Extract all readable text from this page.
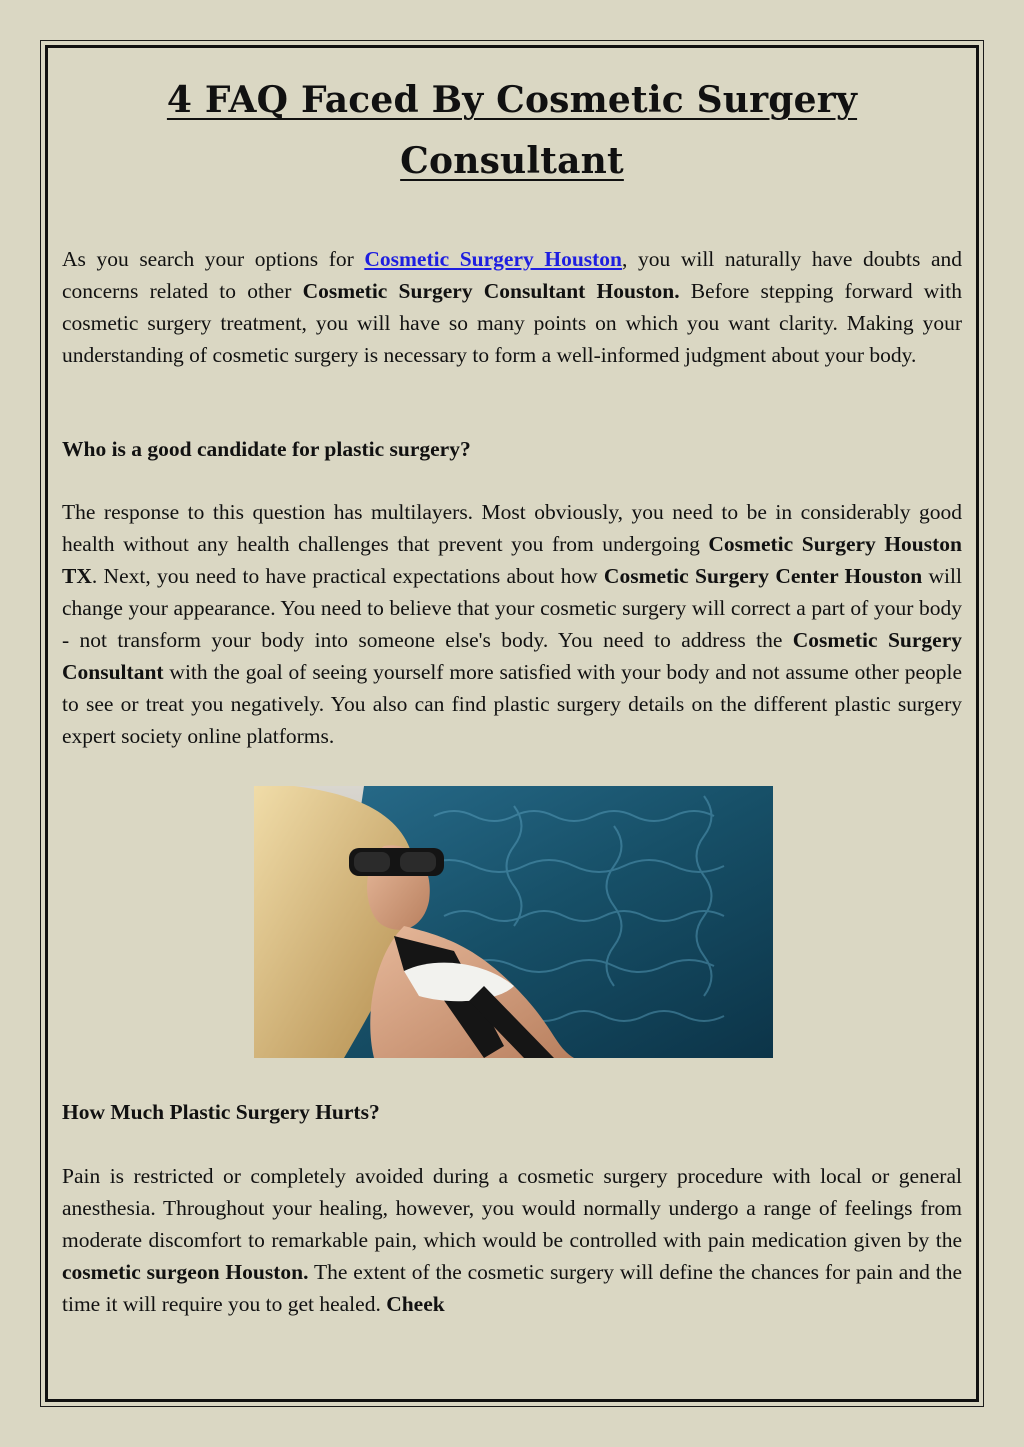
4 FAQ Faced By Cosmetic Surgery Consultant

As you search your options for Cosmetic Surgery Houston, you will naturally have doubts and concerns related to other Cosmetic Surgery Consultant Houston. Before stepping forward with cosmetic surgery treatment, you will have so many points on which you want clarity. Making your understanding of cosmetic surgery is necessary to form a well-informed judgment about your body.

Who is a good candidate for plastic surgery?

The response to this question has multilayers. Most obviously, you need to be in considerably good health without any health challenges that prevent you from undergoing Cosmetic Surgery Houston TX. Next, you need to have practical expectations about how Cosmetic Surgery Center Houston will change your appearance. You need to believe that your cosmetic surgery will correct a part of your body - not transform your body into someone else's body. You need to address the Cosmetic Surgery Consultant with the goal of seeing yourself more satisfied with your body and not assume other people to see or treat you negatively. You also can find plastic surgery details on the different plastic surgery expert society online platforms.

How Much Plastic Surgery Hurts?

Pain is restricted or completely avoided during a cosmetic surgery procedure with local or general anesthesia. Throughout your healing, however, you would normally undergo a range of feelings from moderate discomfort to remarkable pain, which would be controlled with pain medication given by the cosmetic surgeon Houston. The extent of the cosmetic surgery will define the chances for pain and the time it will require you to get healed. Cheek
